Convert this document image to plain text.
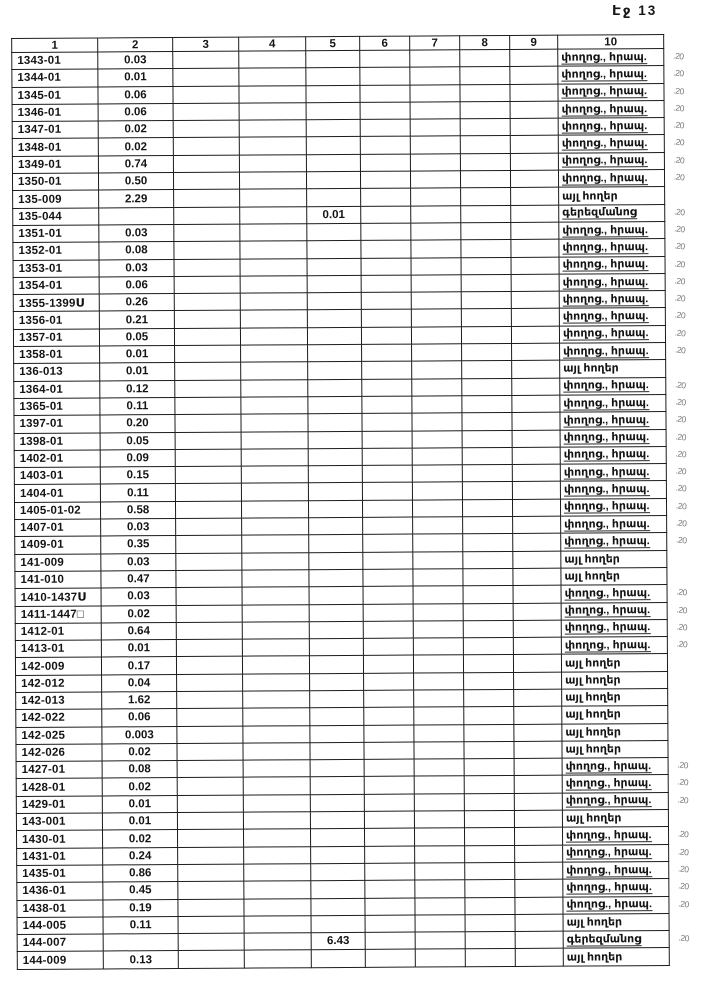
Էջ 13
1	2	3	4	5	6	7	8	9	10
1343-01	0.03								փողոց., հրապ. .20

1344-01	0.01								փողոց., հրապ. .20

1345-01	0.06								փողոց., հրապ. .20

1346-01	0.06								փողոց., հրապ. .20

1347-01	0.02								փողոց., հրապ. .20

1348-01	0.02								փողոց., հրապ. .20

1349-01	0.74								փողոց., հրապ. .20

1350-01	0.50								փողոց., հրապ. .20

135-009	2.29								այլ հողեր
135-044				0.01					գերեզմանոց .20

1351-01	0.03								փողոց., հրապ. .20

1352-01	0.08								փողոց., հրապ. .20

1353-01	0.03								փողոց., հրապ. .20

1354-01	0.06								փողոց., հրապ. .20

1355-1399Ս	0.26								փողոց., հրապ. .20

1356-01	0.21								փողոց., հրապ. .20

1357-01	0.05								փողոց., հրապ. .20

1358-01	0.01								փողոց., հրապ. .20

136-013	0.01								այլ հողեր
1364-01	0.12								փողոց., հրապ. .20

1365-01	0.11								փողոց., հրապ. .20

1397-01	0.20								փողոց., հրապ. .20

1398-01	0.05								փողոց., հրապ. .20

1402-01	0.09								փողոց., հրապ. .20

1403-01	0.15								փողոց., հրապ. .20

1404-01	0.11								փողոց., հրապ. .20

1405-01-02	0.58								փողոց., հրապ. .20

1407-01	0.03								փողոց., հրապ. .20

1409-01	0.35								փողոց., հրապ. .20

141-009	0.03								այլ հողեր
141-010	0.47								այլ հողեր
1410-1437Ս	0.03								փողոց., հրապ. .20

1411-1447□	0.02								փողոց., հրապ. .20

1412-01	0.64								փողոց., հրապ. .20

1413-01	0.01								փողոց., հրապ. .20

142-009	0.17								այլ հողեր
142-012	0.04								այլ հողեր
142-013	1.62								այլ հողեր
142-022	0.06								այլ հողեր
142-025	0.003								այլ հողեր
142-026	0.02								այլ հողեր
1427-01	0.08								փողոց., հրապ. .20

1428-01	0.02								փողոց., հրապ. .20

1429-01	0.01								փողոց., հրապ. .20

143-001	0.01								այլ հողեր
1430-01	0.02								փողոց., հրապ. .20

1431-01	0.24								փողոց., հրապ. .20

1435-01	0.86								փողոց., հրապ. .20

1436-01	0.45								փողոց., հրապ. .20

1438-01	0.19								փողոց., հրապ. .20

144-005	0.11								այլ հողեր
144-007				6.43					գերեզմանոց .20

144-009	0.13								այլ հողեր
